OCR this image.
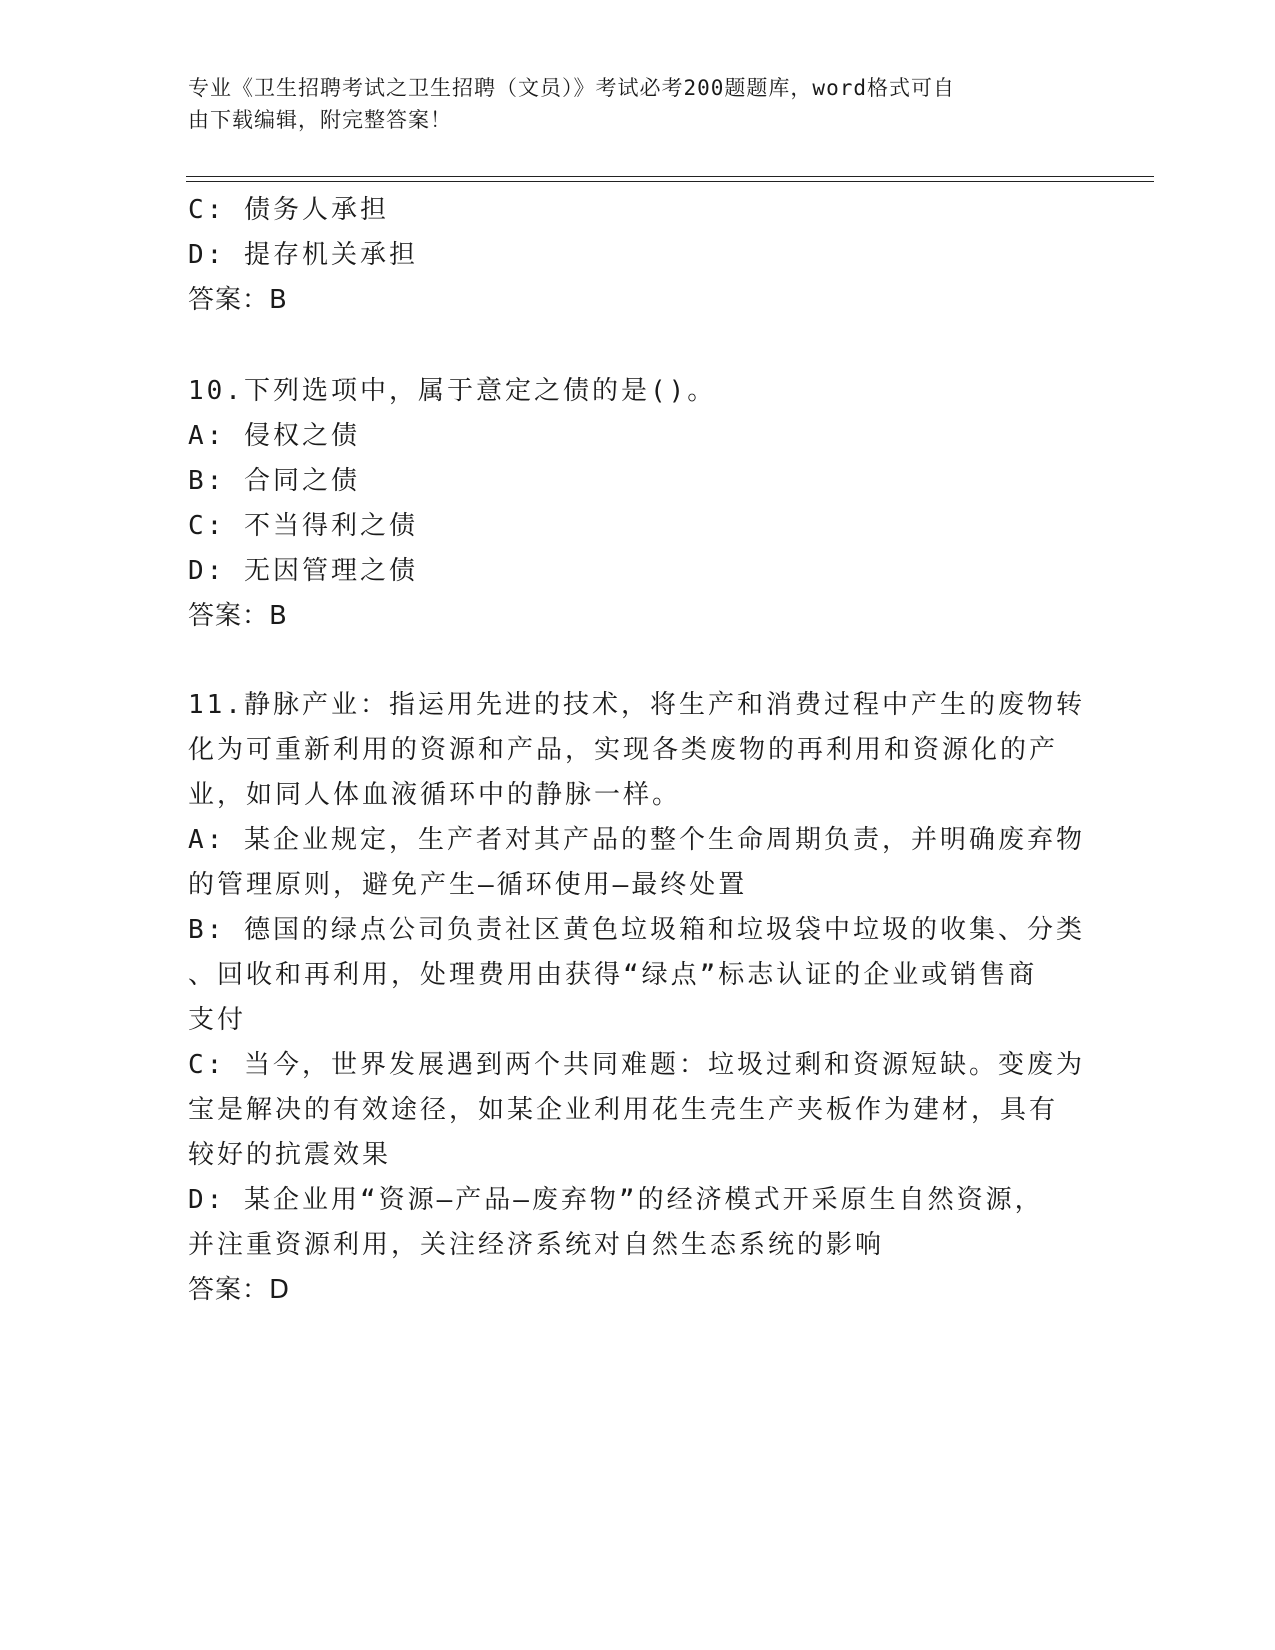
专业《卫生招聘考试之卫生招聘（文员）》考试必考200题题库，word格式可自
由下载编辑，附完整答案！
C: 债务人承担
D: 提存机关承担
答案：B
10.下列选项中，属于意定之债的是()。
A: 侵权之债
B: 合同之债
C: 不当得利之债
D: 无因管理之债
答案：B
11.静脉产业：指运用先进的技术，将生产和消费过程中产生的废物转
化为可重新利用的资源和产品，实现各类废物的再利用和资源化的产
业，如同人体血液循环中的静脉一样。
A: 某企业规定，生产者对其产品的整个生命周期负责，并明确废弃物
的管理原则，避免产生—循环使用—最终处置
B: 德国的绿点公司负责社区黄色垃圾箱和垃圾袋中垃圾的收集、分类
、回收和再利用，处理费用由获得“绿点”标志认证的企业或销售商
支付
C: 当今，世界发展遇到两个共同难题：垃圾过剩和资源短缺。变废为
宝是解决的有效途径，如某企业利用花生壳生产夹板作为建材，具有
较好的抗震效果
D: 某企业用“资源—产品—废弃物”的经济模式开采原生自然资源，
并注重资源利用，关注经济系统对自然生态系统的影响
答案：D
